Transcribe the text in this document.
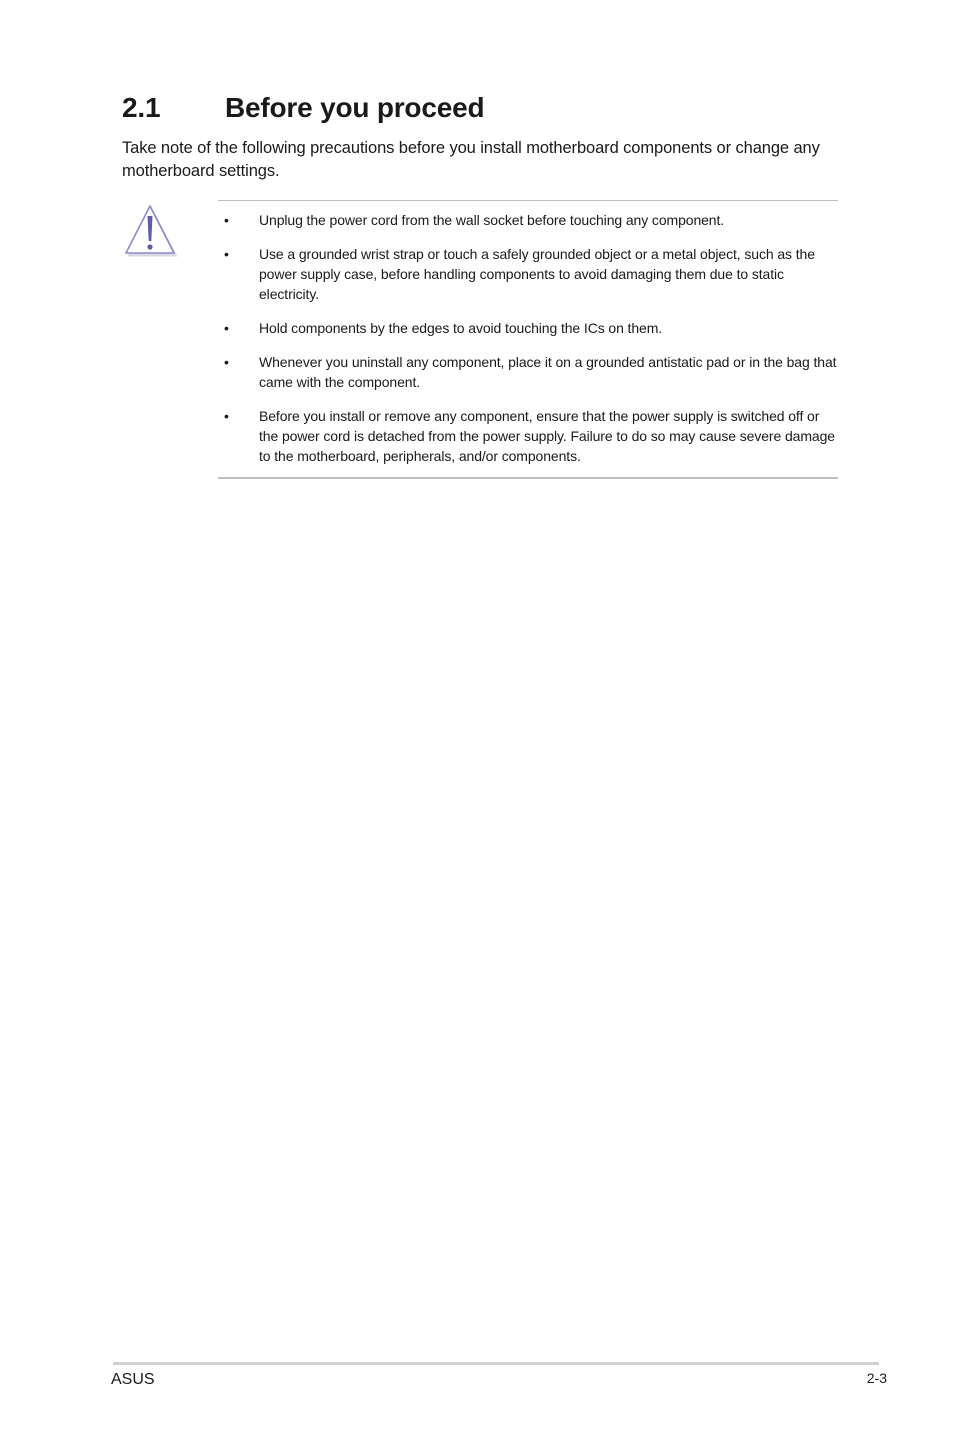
2.1 Before you proceed

Take note of the following precautions before you install motherboard components or change any motherboard settings.

• Unplug the power cord from the wall socket before touching any component.
• Use a grounded wrist strap or touch a safely grounded object or a metal object, such as the power supply case, before handling components to avoid damaging them due to static electricity.
• Hold components by the edges to avoid touching the ICs on them.
• Whenever you uninstall any component, place it on a grounded antistatic pad or in the bag that came with the component.
• Before you install or remove any component, ensure that the power supply is switched off or the power cord is detached from the power supply. Failure to do so may cause severe damage to the motherboard, peripherals, and/or components.
ASUS	2-3
